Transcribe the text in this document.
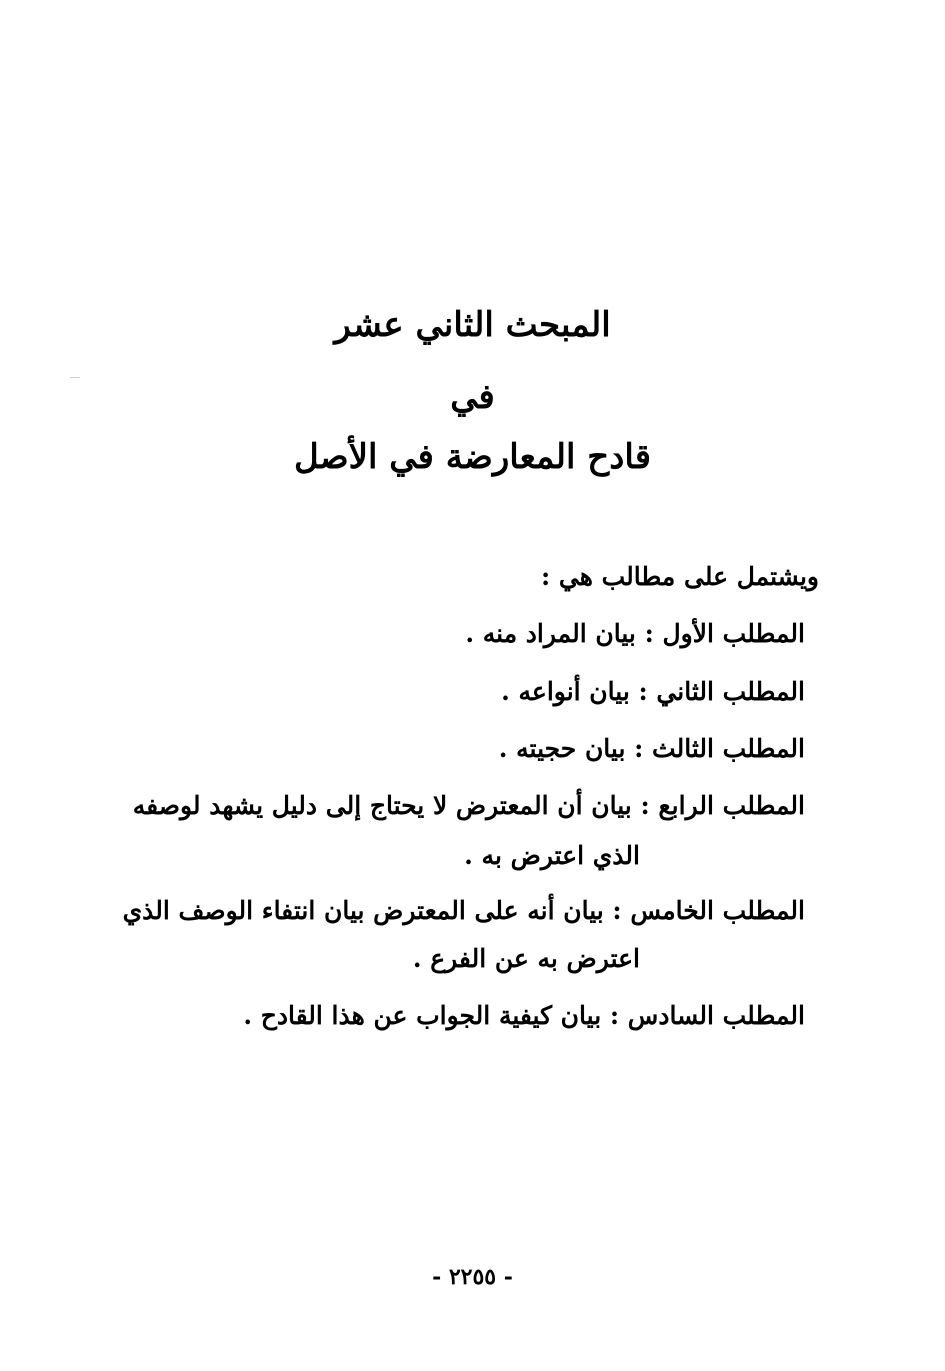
المبحث الثاني عشر
في
قادح المعارضة في الأصل
ويشتمل على مطالب هي :
المطلب الأول : بيان المراد منه .
المطلب الثاني : بيان أنواعه .
المطلب الثالث : بيان حجيته .
المطلب الرابع : بيان أن المعترض لا يحتاج إلى دليل يشهد لوصفه
الذي اعترض به .
المطلب الخامس : بيان أنه على المعترض بيان انتفاء الوصف الذي
اعترض به عن الفرع .
المطلب السادس : بيان كيفية الجواب عن هذا القادح .
- ٢٢٥٥ -
